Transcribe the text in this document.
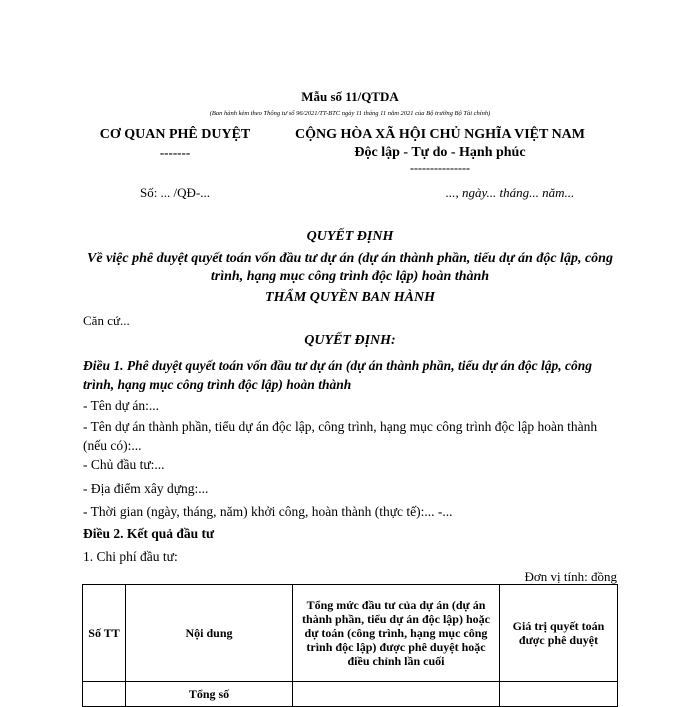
Mẫu số 11/QTDA
(Ban hành kèm theo Thông tư số 96/2021/TT-BTC ngày 11 tháng 11 năm 2021 của Bộ trưởng Bộ Tài chính)
CƠ QUAN PHÊ DUYỆT
-------
CỘNG HÒA XÃ HỘI CHỦ NGHĨA VIỆT NAM
Độc lập - Tự do - Hạnh phúc
---------------
Số: ... /QĐ-...	..., ngày... tháng... năm...
QUYẾT ĐỊNH
Về việc phê duyệt quyết toán vốn đầu tư dự án (dự án thành phần, tiểu dự án độc lập, công trình, hạng mục công trình độc lập) hoàn thành
THẨM QUYỀN BAN HÀNH
Căn cứ...
QUYẾT ĐỊNH:
Điều 1. Phê duyệt quyết toán vốn đầu tư dự án (dự án thành phần, tiểu dự án độc lập, công trình, hạng mục công trình độc lập) hoàn thành
- Tên dự án:...
- Tên dự án thành phần, tiểu dự án độc lập, công trình, hạng mục công trình độc lập hoàn thành (nếu có):...
- Chủ đầu tư:...
- Địa điểm xây dựng:...
- Thời gian (ngày, tháng, năm) khởi công, hoàn thành (thực tế):... -...
Điều 2. Kết quả đầu tư
1. Chi phí đầu tư:
Đơn vị tính: đồng
Số TT	Nội dung	Tổng mức đầu tư của dự án (dự án thành phần, tiểu dự án độc lập) hoặc dự toán (công trình, hạng mục công trình độc lập) được phê duyệt hoặc điều chỉnh lần cuối	Giá trị quyết toán được phê duyệt
	Tổng số		
